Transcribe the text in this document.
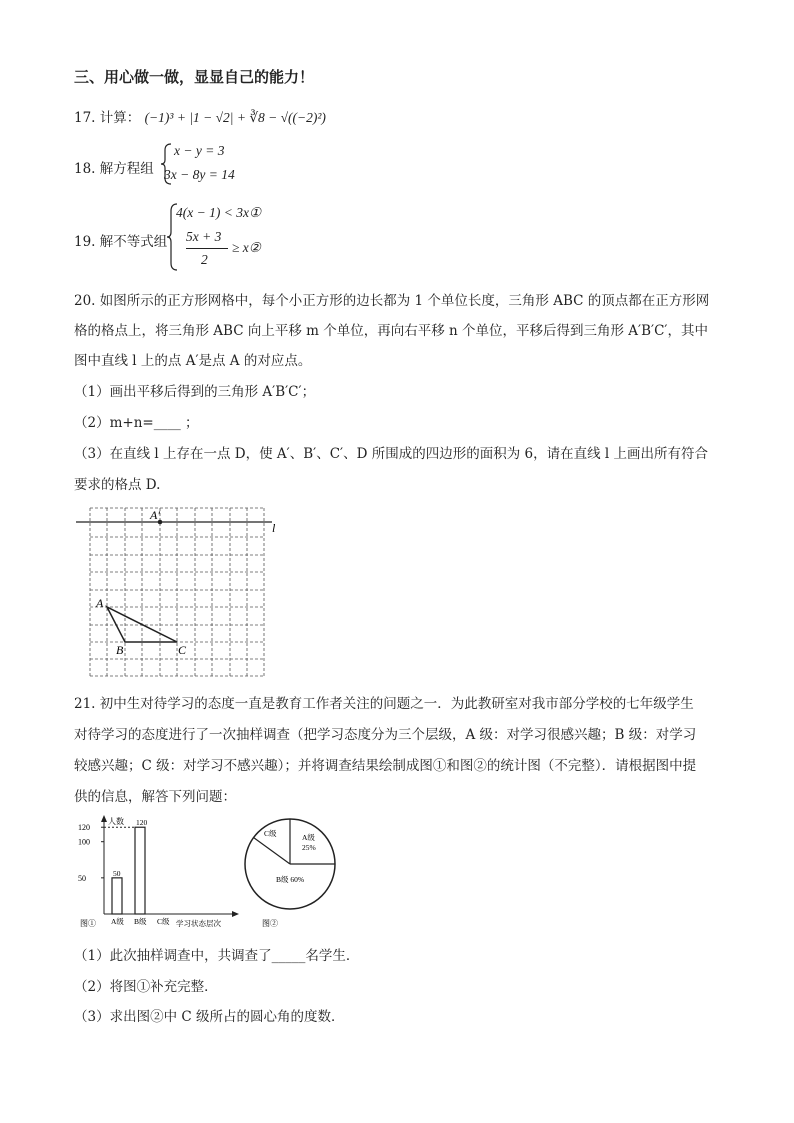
三、用心做一做，显显自己的能力！
17. 计算： (−1)³ + |1 − √2| + ∛8 − √((−2)²)
18. 解方程组
x − y = 3
3x − 8y = 14
19. 解不等式组
4(x − 1) < 3x①
5x + 3
2
≥ x②
20. 如图所示的正方形网格中，每个小正方形的边长都为 1 个单位长度，三角形 ABC 的顶点都在正方形网
格的格点上，将三角形 ABC 向上平移 m 个单位，再向右平移 n 个单位，平移后得到三角形 A′B′C′，其中
图中直线 l 上的点 A′是点 A 的对应点。
（1）画出平移后得到的三角形 A′B′C′；
（2）m+n=____ ；
（3）在直线 l 上存在一点 D，使 A′、B′、C′、D 所围成的四边形的面积为 6，请在直线 l 上画出所有符合
要求的格点 D.
A′
l
A
B	C
21. 初中生对待学习的态度一直是教育工作者关注的问题之一．为此教研室对我市部分学校的七年级学生
对待学习的态度进行了一次抽样调查（把学习态度分为三个层级，A 级：对学习很感兴趣；B 级：对学习
较感兴趣；C 级：对学习不感兴趣）；并将调查结果绘制成图①和图②的统计图（不完整）．请根据图中提
供的信息，解答下列问题：
人数
学习状态层次
图①
50
100
120
50
A级
120
B级 C级
A级
25%
B级 60%
C级
图②
（1）此次抽样调查中，共调查了_____名学生．
（2）将图①补充完整．
（3）求出图②中 C 级所占的圆心角的度数．
